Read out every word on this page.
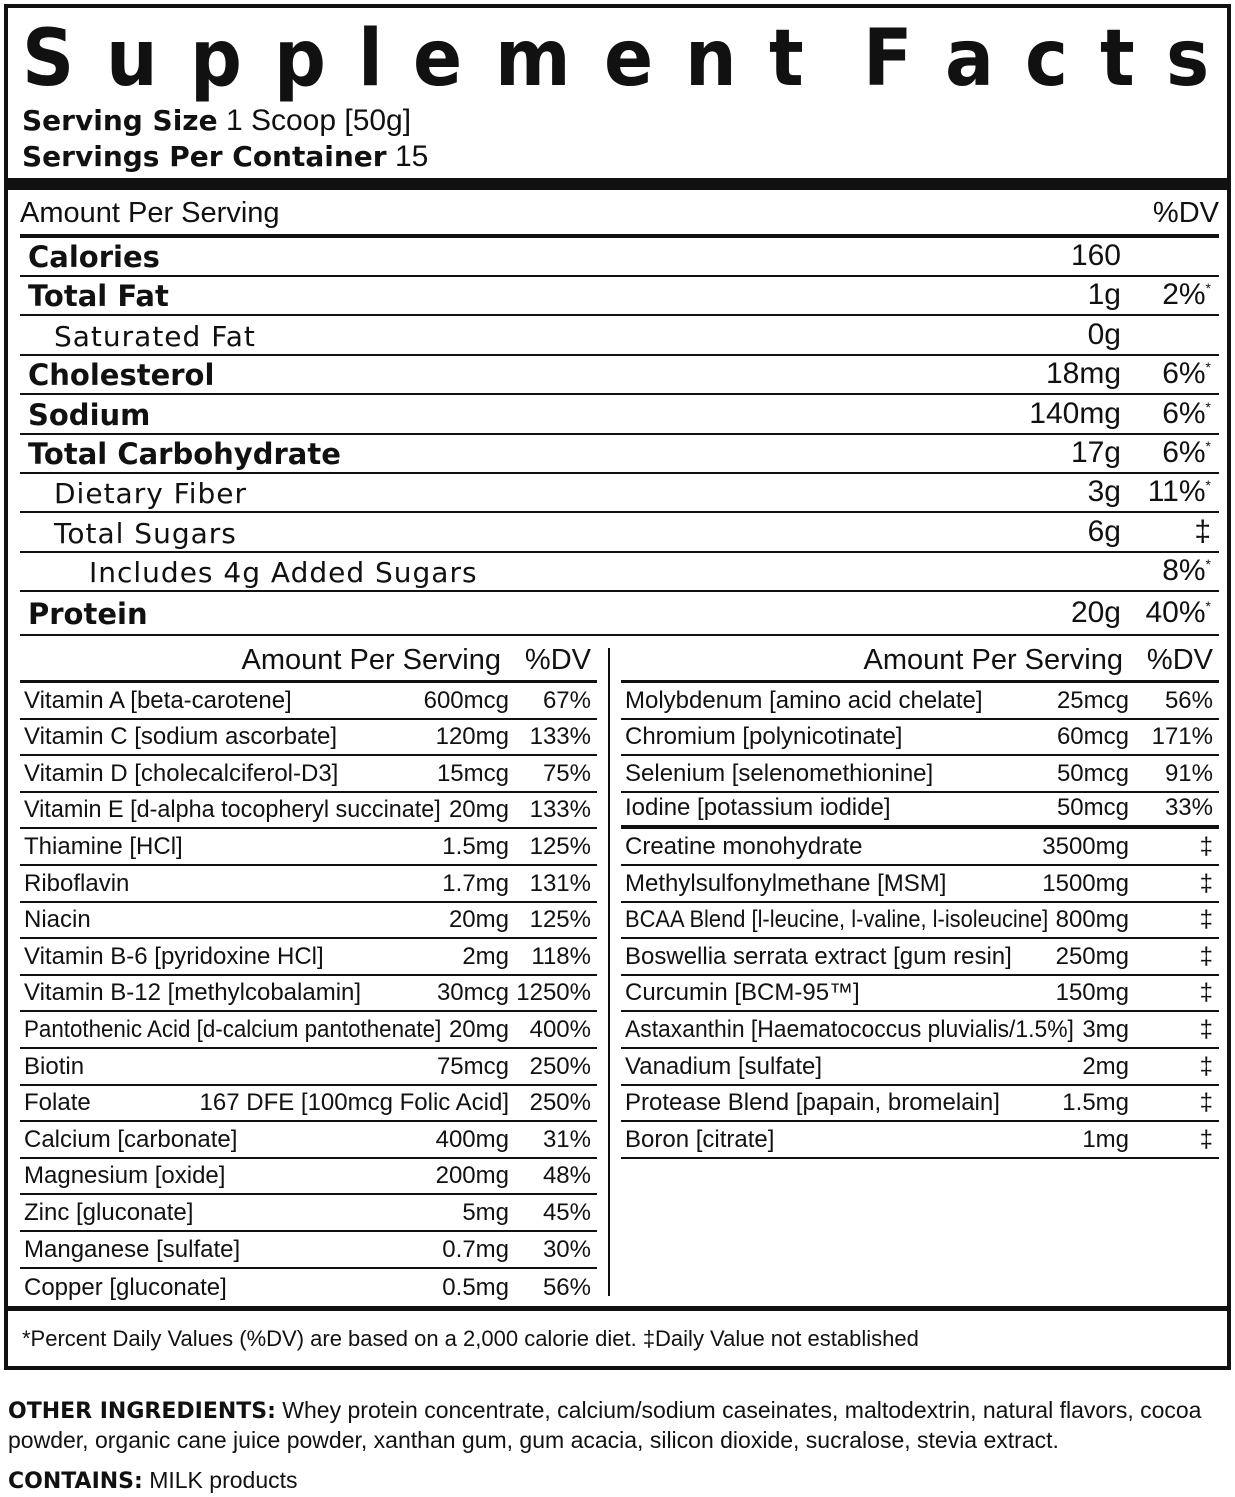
S u p p l e m e n t F a c t s
Serving Size 1 Scoop [50g]
Servings Per Container 15
Amount Per Serving	%DV
Calories	160
Total Fat	1g 2%*
Saturated Fat	0g
Cholesterol	18mg 6%*
Sodium	140mg 6%*
Total Carbohydrate	17g 6%*
Dietary Fiber	3g 11%*
Total Sugars	6g ‡
Includes 4g Added Sugars	8%*
Protein	20g 40%*
Amount Per Serving %DV
Vitamin A [beta-carotene]	600mcg 67%
Vitamin C [sodium ascorbate]	120mg 133%
Vitamin D [cholecalciferol-D3]	15mcg 75%
Vitamin E [d-alpha tocopheryl succinate] 20mg 133%
Thiamine [HCl]	1.5mg 125%
Riboflavin	1.7mg 131%
Niacin	20mg 125%
Vitamin B-6 [pyridoxine HCl]	2mg 118%
Vitamin B-12 [methylcobalamin]	30mcg 1250%
Pantothenic Acid [d-calcium pantothenate] 20mg 400%
Biotin	75mcg 250%
Folate	167 DFE [100mcg Folic Acid] 250%
Calcium [carbonate]	400mg 31%
Magnesium [oxide]	200mg 48%
Zinc [gluconate]	5mg 45%
Manganese [sulfate]	0.7mg 30%
Copper [gluconate]	0.5mg 56%
Amount Per Serving %DV
Molybdenum [amino acid chelate]	25mcg 56%
Chromium [polynicotinate]	60mcg 171%
Selenium [selenomethionine]	50mcg 91%
Iodine [potassium iodide]	50mcg 33%
Creatine monohydrate	3500mg	‡
Methylsulfonylmethane [MSM]	1500mg	‡
BCAA Blend [l-leucine, l-valine, l-isoleucine] 800mg	‡
Boswellia serrata extract [gum resin] 250mg	‡
Curcumin [BCM-95™]	150mg	‡
Astaxanthin [Haematococcus pluvialis/1.5%] 3mg	‡
Vanadium [sulfate]	2mg	‡
Protease Blend [papain, bromelain]	1.5mg	‡
Boron [citrate]	1mg	‡
*Percent Daily Values (%DV) are based on a 2,000 calorie diet. ‡Daily Value not established
OTHER INGREDIENTS: Whey protein concentrate, calcium/sodium caseinates, maltodextrin, natural flavors, cocoa powder, organic cane juice powder, xanthan gum, gum acacia, silicon dioxide, sucralose, stevia extract.
CONTAINS: MILK products
